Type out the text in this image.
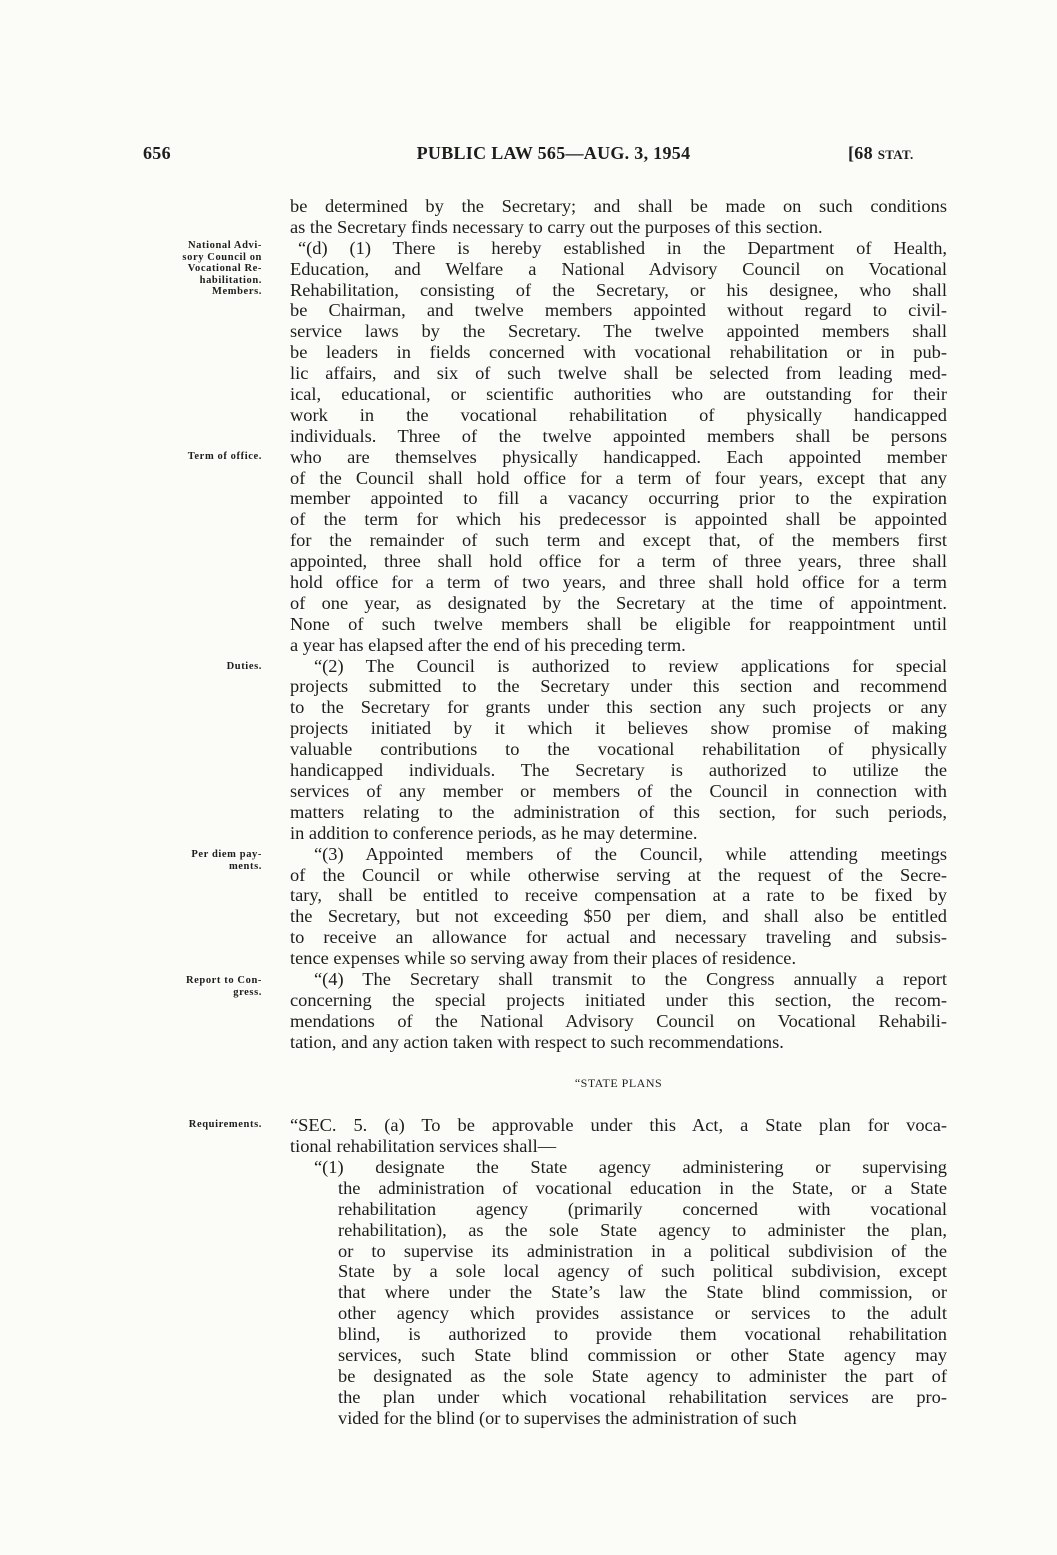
656	PUBLIC LAW 565—AUG. 3, 1954	[68 STAT.
National Advi-
sory Council on
Vocational Re-
habilitation.
Members.
Term of office.
Duties.
Per diem pay-
ments.
Report to Con-
gress.
Requirements.
be determined by the Secretary; and shall be made on such conditions
as the Secretary finds necessary to carry out the purposes of this section.
“(d) (1) There is hereby established in the Department of Health,
Education, and Welfare a National Advisory Council on Vocational
Rehabilitation, consisting of the Secretary, or his designee, who shall
be Chairman, and twelve members appointed without regard to civil-
service laws by the Secretary. The twelve appointed members shall
be leaders in fields concerned with vocational rehabilitation or in pub-
lic affairs, and six of such twelve shall be selected from leading med-
ical, educational, or scientific authorities who are outstanding for their
work in the vocational rehabilitation of physically handicapped
individuals. Three of the twelve appointed members shall be persons
who are themselves physically handicapped. Each appointed member
of the Council shall hold office for a term of four years, except that any
member appointed to fill a vacancy occurring prior to the expiration
of the term for which his predecessor is appointed shall be appointed
for the remainder of such term and except that, of the members first
appointed, three shall hold office for a term of three years, three shall
hold office for a term of two years, and three shall hold office for a term
of one year, as designated by the Secretary at the time of appointment.
None of such twelve members shall be eligible for reappointment until
a year has elapsed after the end of his preceding term.
“(2) The Council is authorized to review applications for special
projects submitted to the Secretary under this section and recommend
to the Secretary for grants under this section any such projects or any
projects initiated by it which it believes show promise of making
valuable contributions to the vocational rehabilitation of physically
handicapped individuals. The Secretary is authorized to utilize the
services of any member or members of the Council in connection with
matters relating to the administration of this section, for such periods,
in addition to conference periods, as he may determine.
“(3) Appointed members of the Council, while attending meetings
of the Council or while otherwise serving at the request of the Secre-
tary, shall be entitled to receive compensation at a rate to be fixed by
the Secretary, but not exceeding $50 per diem, and shall also be entitled
to receive an allowance for actual and necessary traveling and subsis-
tence expenses while so serving away from their places of residence.
“(4) The Secretary shall transmit to the Congress annually a report
concerning the special projects initiated under this section, the recom-
mendations of the National Advisory Council on Vocational Rehabili-
tation, and any action taken with respect to such recommendations.
“STATE PLANS
“SEC. 5. (a) To be approvable under this Act, a State plan for voca-
tional rehabilitation services shall—
“(1) designate the State agency administering or supervising
the administration of vocational education in the State, or a State
rehabilitation agency (primarily concerned with vocational
rehabilitation), as the sole State agency to administer the plan,
or to supervise its administration in a political subdivision of the
State by a sole local agency of such political subdivision, except
that where under the State’s law the State blind commission, or
other agency which provides assistance or services to the adult
blind, is authorized to provide them vocational rehabilitation
services, such State blind commission or other State agency may
be designated as the sole State agency to administer the part of
the plan under which vocational rehabilitation services are pro-
vided for the blind (or to supervises the administration of such
